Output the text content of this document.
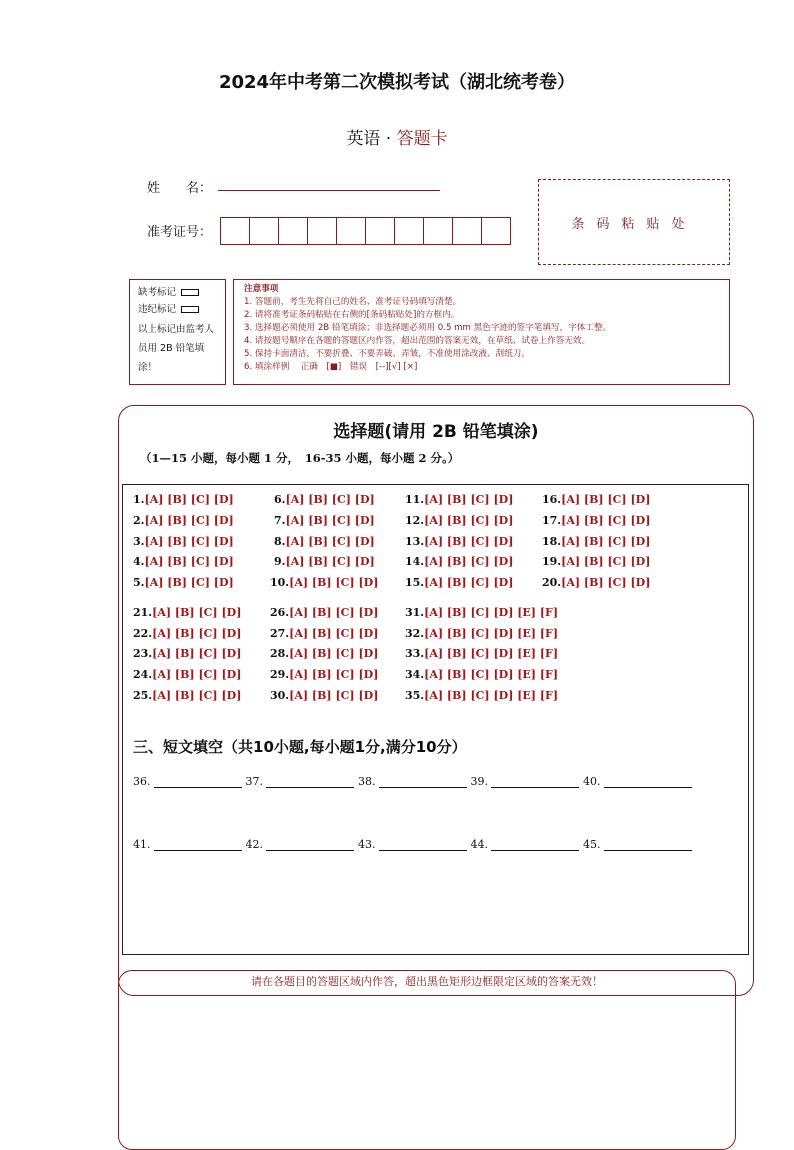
2024年中考第二次模拟考试（湖北统考卷）
英语 · 答题卡
姓　　名：
准考证号：
条码粘贴处
缺考标记
违纪标记
以上标记由监考人员用 2B 铅笔填涂！
注意事项
1. 答题前，考生先将自己的姓名、准考证号码填写清楚。
2. 请将准考证条码粘贴在右侧的[条码粘贴处]的方框内。
3. 选择题必须使用 2B 铅笔填涂；非选择题必须用 0.5 mm 黑色字迹的签字笔填写，字体工整。
4. 请按题号顺序在各题的答题区内作答，超出范围的答案无效，在草纸、试卷上作答无效。
5. 保持卡面清洁，不要折叠、不要弄破、弄皱，不准使用涂改液、刮纸刀。
6. 填涂样例　 正确　[■]　错误　[--][√] [×]
选择题(请用 2B 铅笔填涂)
（1—15 小题，每小题 1 分，　16-35 小题，每小题 2 分。）
1.[A] [B] [C] [D]
2.[A] [B] [C] [D]
3.[A] [B] [C] [D]
4.[A] [B] [C] [D]
5.[A] [B] [C] [D]
6.[A] [B] [C] [D]
7.[A] [B] [C] [D]
8.[A] [B] [C] [D]
9.[A] [B] [C] [D]
10.[A] [B] [C] [D]
11.[A] [B] [C] [D]
12.[A] [B] [C] [D]
13.[A] [B] [C] [D]
14.[A] [B] [C] [D]
15.[A] [B] [C] [D]
16.[A] [B] [C] [D]
17.[A] [B] [C] [D]
18.[A] [B] [C] [D]
19.[A] [B] [C] [D]
20.[A] [B] [C] [D]
21.[A] [B] [C] [D]
22.[A] [B] [C] [D]
23.[A] [B] [C] [D]
24.[A] [B] [C] [D]
25.[A] [B] [C] [D]
26.[A] [B] [C] [D]
27.[A] [B] [C] [D]
28.[A] [B] [C] [D]
29.[A] [B] [C] [D]
30.[A] [B] [C] [D]
31.[A] [B] [C] [D] [E] [F]
32.[A] [B] [C] [D] [E] [F]
33.[A] [B] [C] [D] [E] [F]
34.[A] [B] [C] [D] [E] [F]
35.[A] [B] [C] [D] [E] [F]
三、短文填空（共10小题,每小题1分,满分10分）
36.	37.	38.	39.	40.
41.	42.	43.	44.	45.
请在各题目的答题区域内作答，超出黑色矩形边框限定区域的答案无效！
